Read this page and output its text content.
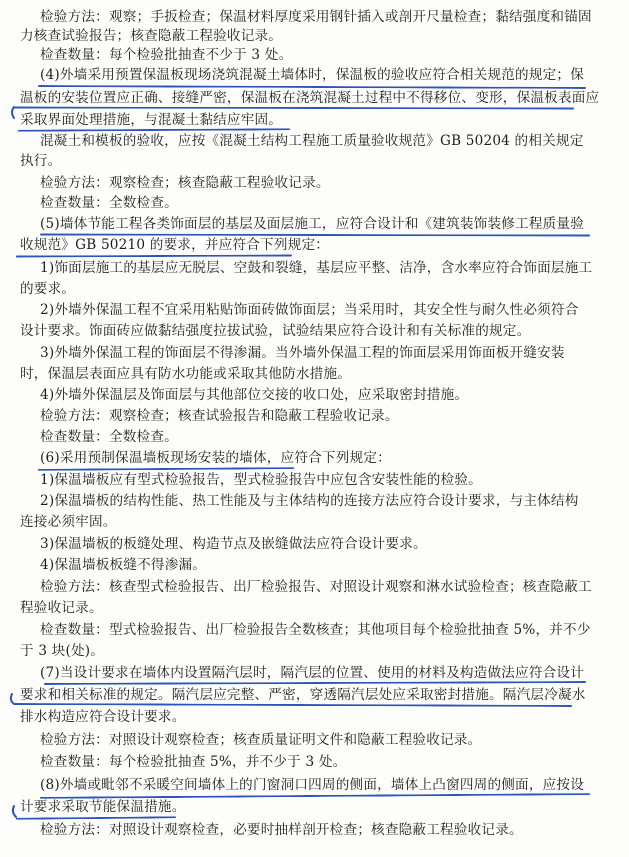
检验方法：观察；手扳检查；保温材料厚度采用钢针插入或剖开尺量检查；黏结强度和锚固
力核查试验报告；核查隐蔽工程验收记录。
检查数量：每个检验批抽查不少于 3 处。
(4)外墙采用预置保温板现场浇筑混凝土墙体时，保温板的验收应符合相关规范的规定；保
温板的安装位置应正确、接缝严密，保温板在浇筑混凝土过程中不得移位、变形，保温板表面应
采取界面处理措施，与混凝土黏结应牢固。
混凝土和模板的验收，应按《混凝土结构工程施工质量验收规范》GB 50204 的相关规定
执行。
检验方法：观察检查；核查隐蔽工程验收记录。
检查数量：全数检查。
(5)墙体节能工程各类饰面层的基层及面层施工，应符合设计和《建筑装饰装修工程质量验
收规范》GB 50210 的要求，并应符合下列规定：
1)饰面层施工的基层应无脱层、空鼓和裂缝，基层应平整、洁净，含水率应符合饰面层施工
的要求。
2)外墙外保温工程不宜采用粘贴饰面砖做饰面层；当采用时，其安全性与耐久性必须符合
设计要求。饰面砖应做黏结强度拉拔试验，试验结果应符合设计和有关标准的规定。
3)外墙外保温工程的饰面层不得渗漏。当外墙外保温工程的饰面层采用饰面板开缝安装
时，保温层表面应具有防水功能或采取其他防水措施。
4)外墙外保温层及饰面层与其他部位交接的收口处，应采取密封措施。
检验方法：观察检查；核查试验报告和隐蔽工程验收记录。
检查数量：全数检查。
(6)采用预制保温墙板现场安装的墙体，应符合下列规定：
1)保温墙板应有型式检验报告，型式检验报告中应包含安装性能的检验。
2)保温墙板的结构性能、热工性能及与主体结构的连接方法应符合设计要求，与主体结构
连接必须牢固。
3)保温墙板的板缝处理、构造节点及嵌缝做法应符合设计要求。
4)保温墙板板缝不得渗漏。
检验方法：核查型式检验报告、出厂检验报告、对照设计观察和淋水试验检查；核查隐蔽工
程验收记录。
检查数量：型式检验报告、出厂检验报告全数核查；其他项目每个检验批抽查 5%，并不少
于 3 块(处)。
(7)当设计要求在墙体内设置隔汽层时，隔汽层的位置、使用的材料及构造做法应符合设计
要求和相关标准的规定。隔汽层应完整、严密，穿透隔汽层处应采取密封措施。隔汽层冷凝水
排水构造应符合设计要求。
检验方法：对照设计观察检查；核查质量证明文件和隐蔽工程验收记录。
检查数量：每个检验批抽查 5%，并不少于 3 处。
(8)外墙或毗邻不采暖空间墙体上的门窗洞口四周的侧面，墙体上凸窗四周的侧面，应按设
计要求采取节能保温措施。
检验方法：对照设计观察检查，必要时抽样剖开检查；核查隐蔽工程验收记录。
